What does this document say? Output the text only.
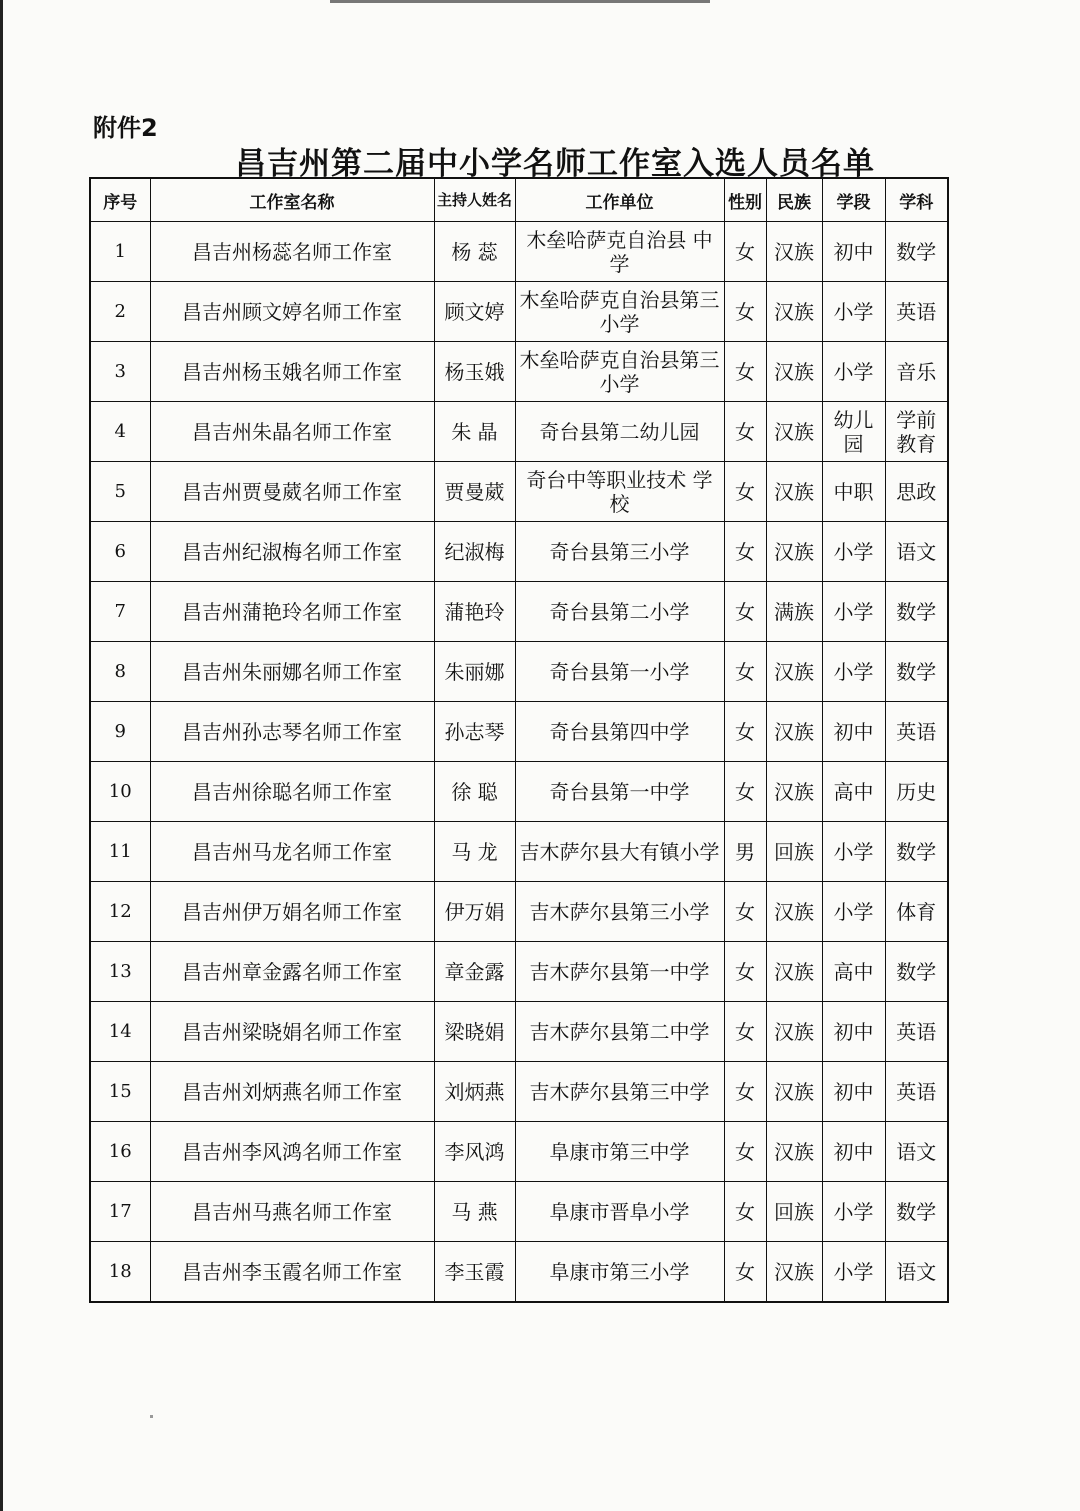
附件2
昌吉州第二届中小学名师工作室入选人员名单
序号	工作室名称	主持人姓名	工作单位	性别	民族	学段	学科
1	昌吉州杨蕊名师工作室	杨 蕊	木垒哈萨克自治县 中学	女	汉族	初中	数学
2	昌吉州顾文婷名师工作室	顾文婷	木垒哈萨克自治县第三小学	女	汉族	小学	英语
3	昌吉州杨玉娥名师工作室	杨玉娥	木垒哈萨克自治县第三小学	女	汉族	小学	音乐
4	昌吉州朱晶名师工作室	朱 晶	奇台县第二幼儿园	女	汉族	幼儿园	学前教育
5	昌吉州贾曼葳名师工作室	贾曼葳	奇台中等职业技术 学校	女	汉族	中职	思政
6	昌吉州纪淑梅名师工作室	纪淑梅	奇台县第三小学	女	汉族	小学	语文
7	昌吉州蒲艳玲名师工作室	蒲艳玲	奇台县第二小学	女	满族	小学	数学
8	昌吉州朱丽娜名师工作室	朱丽娜	奇台县第一小学	女	汉族	小学	数学
9	昌吉州孙志琴名师工作室	孙志琴	奇台县第四中学	女	汉族	初中	英语
10	昌吉州徐聪名师工作室	徐 聪	奇台县第一中学	女	汉族	高中	历史
11	昌吉州马龙名师工作室	马 龙	吉木萨尔县大有镇小学	男	回族	小学	数学
12	昌吉州伊万娟名师工作室	伊万娟	吉木萨尔县第三小学	女	汉族	小学	体育
13	昌吉州章金露名师工作室	章金露	吉木萨尔县第一中学	女	汉族	高中	数学
14	昌吉州梁晓娟名师工作室	梁晓娟	吉木萨尔县第二中学	女	汉族	初中	英语
15	昌吉州刘炳燕名师工作室	刘炳燕	吉木萨尔县第三中学	女	汉族	初中	英语
16	昌吉州李风鸿名师工作室	李风鸿	阜康市第三中学	女	汉族	初中	语文
17	昌吉州马燕名师工作室	马 燕	阜康市晋阜小学	女	回族	小学	数学
18	昌吉州李玉霞名师工作室	李玉霞	阜康市第三小学	女	汉族	小学	语文
